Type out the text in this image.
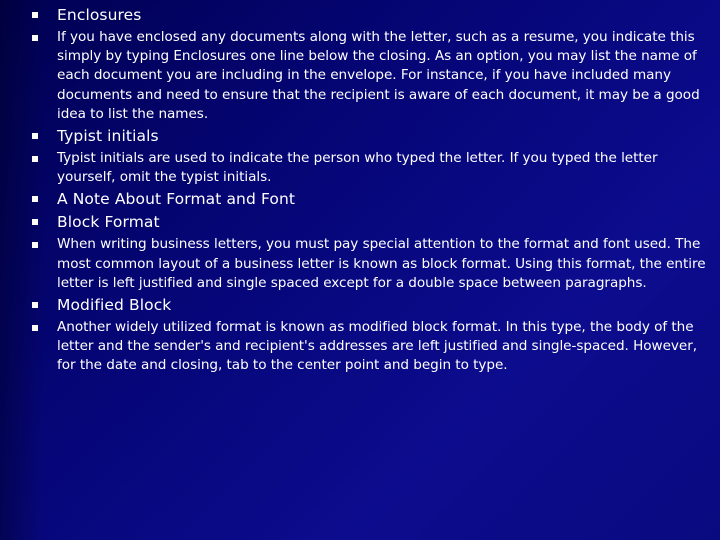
Enclosures
If you have enclosed any documents along with the letter, such as a resume, you indicate this simply by typing Enclosures one line below the closing. As an option, you may list the name of each document you are including in the envelope. For instance, if you have included many documents and need to ensure that the recipient is aware of each document, it may be a good idea to list the names.
Typist initials
Typist initials are used to indicate the person who typed the letter. If you typed the letter yourself, omit the typist initials.
A Note About Format and Font
Block Format
When writing business letters, you must pay special attention to the format and font used. The most common layout of a business letter is known as block format. Using this format, the entire letter is left justified and single spaced except for a double space between paragraphs.
Modified Block
Another widely utilized format is known as modified block format. In this type, the body of the letter and the sender's and recipient's addresses are left justified and single-spaced. However, for the date and closing, tab to the center point and begin to type.
